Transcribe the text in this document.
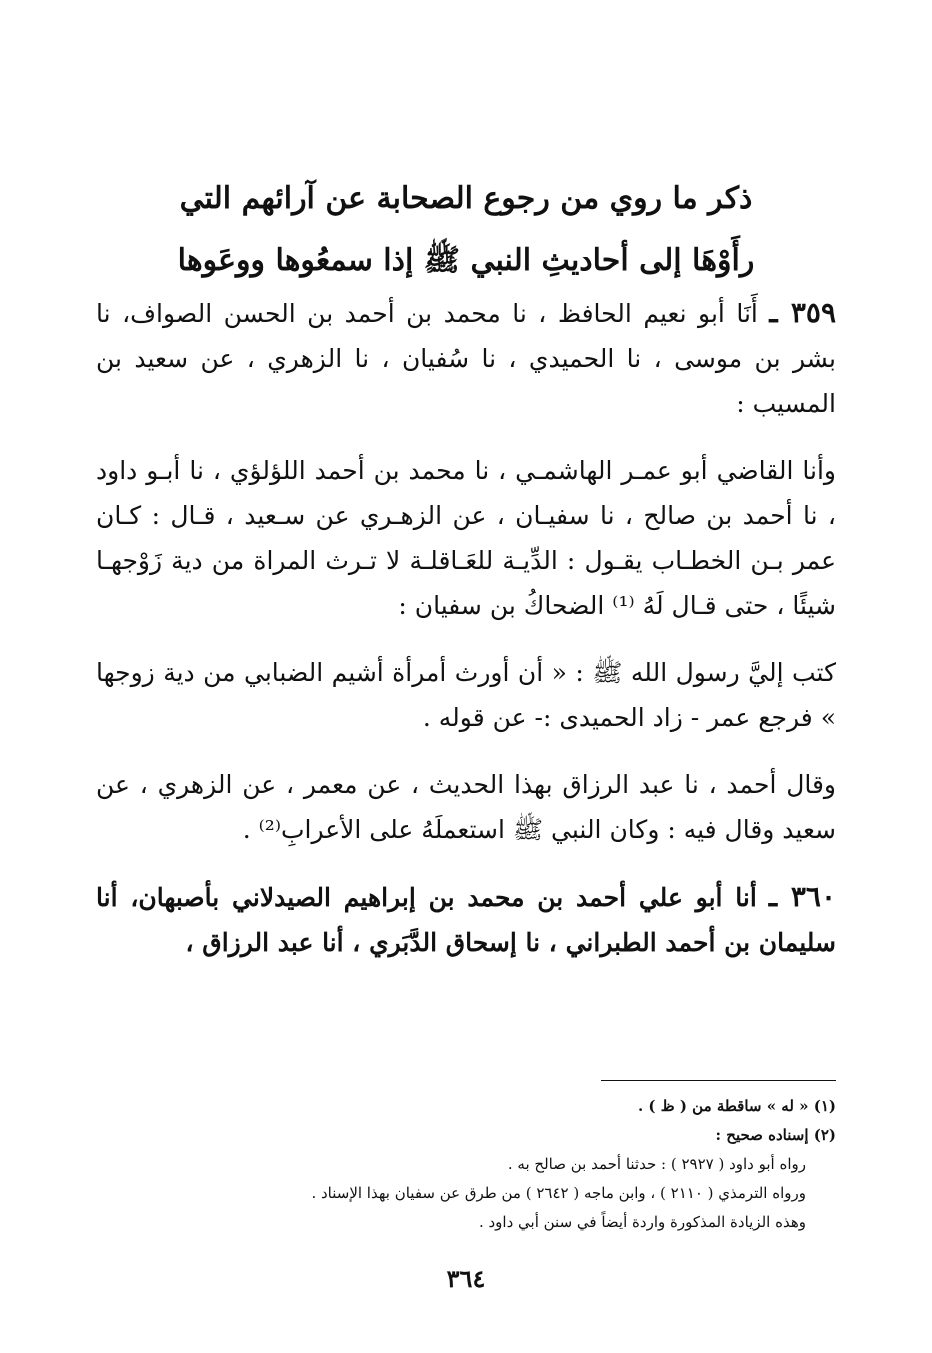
ذكر ما روي من رجوع الصحابة عن آرائهم التي
رأَوْهَا إلى أحاديثِ النبي ﷺ إذا سمعُوها ووعَوها

٣٥٩ ـ أَنَا أبو نعيم الحافظ ، نا محمد بن أحمد بن الحسن الصواف، نا بشر بن موسى ، نا الحميدي ، نا سُفيان ، نا الزهري ، عن سعيد بن المسيب :

وأنا القاضي أبو عمـر الهاشمـي ، نا محمد بن أحمد اللؤلؤي ، نا أبـو داود ، نا أحمد بن صالح ، نا سفيـان ، عن الزهـري عن سـعيد ، قـال : كـان عمر بـن الخطـاب يقـول : الدِّيـة للعَـاقلـة لا تـرث المراة من دية زَوْجهـا شيئًا ، حتى قـال لَهُ ⁽¹⁾ الضحاكُ بن سفيان :

كتب إليَّ رسول الله ﷺ : « أن أورث أمرأة أشيم الضبابي من دية زوجها » فرجع عمر - زاد الحميدى :- عن قوله .

وقال أحمد ، نا عبد الرزاق بهذا الحديث ، عن معمر ، عن الزهري ، عن سعيد وقال فيه : وكان النبي ﷺ استعملَهُ على الأعرابِ⁽²⁾ .

٣٦٠ ـ أنا أبو علي أحمد بن محمد بن إبراهيم الصيدلاني بأصبهان، أنا سليمان بن أحمد الطبراني ، نا إسحاق الدَّبَري ، أنا عبد الرزاق ،

(١) « له » ساقطة من ( ظ ) .

(٢) إسناده صحيح :

رواه أبو داود ( ٢٩٢٧ ) : حدثنا أحمد بن صالح به .

ورواه الترمذي ( ٢١١٠ ) ، وابن ماجه ( ٢٦٤٢ ) من طرق عن سفيان بهذا الإسناد .

وهذه الزيادة المذكورة واردة أيضاً في سنن أبي داود .

٣٦٤
